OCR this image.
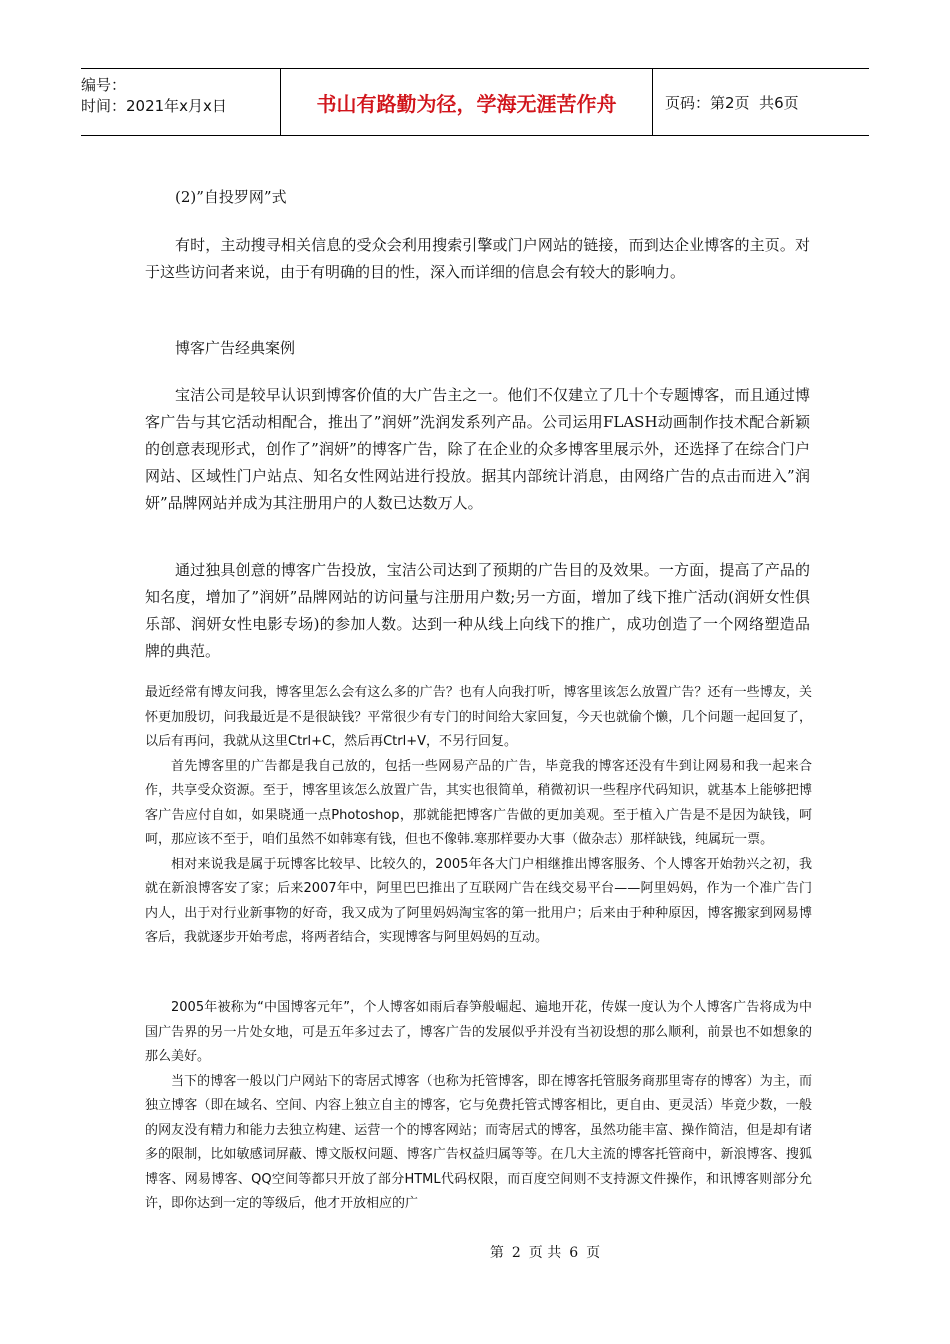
编号：
时间：2021年x月x日	书山有路勤为径，学海无涯苦作舟	页码：第2页  共6页

(2)”自投罗网”式

有时，主动搜寻相关信息的受众会利用搜索引擎或门户网站的链接，而到达企业博客的主页。对于这些访问者来说，由于有明确的目的性，深入而详细的信息会有较大的影响力。

博客广告经典案例

宝洁公司是较早认识到博客价值的大广告主之一。他们不仅建立了几十个专题博客，而且通过博客广告与其它活动相配合，推出了”润妍”洗润发系列产品。公司运用FLASH动画制作技术配合新颖的创意表现形式，创作了”润妍”的博客广告，除了在企业的众多博客里展示外，还选择了在综合门户网站、区域性门户站点、知名女性网站进行投放。据其内部统计消息，由网络广告的点击而进入”润妍”品牌网站并成为其注册用户的人数已达数万人。

通过独具创意的博客广告投放，宝洁公司达到了预期的广告目的及效果。一方面，提高了产品的知名度，增加了”润妍”品牌网站的访问量与注册用户数;另一方面，增加了线下推广活动(润妍女性俱乐部、润妍女性电影专场)的参加人数。达到一种从线上向线下的推广，成功创造了一个网络塑造品牌的典范。

最近经常有博友问我，博客里怎么会有这么多的广告？也有人向我打听，博客里该怎么放置广告？还有一些博友，关怀更加殷切，问我最近是不是很缺钱？平常很少有专门的时间给大家回复，今天也就偷个懒，几个问题一起回复了，以后有再问，我就从这里Ctrl+C，然后再Ctrl+V，不另行回复。

首先博客里的广告都是我自己放的，包括一些网易产品的广告，毕竟我的博客还没有牛到让网易和我一起来合作，共享受众资源。至于，博客里该怎么放置广告，其实也很简单，稍微初识一些程序代码知识，就基本上能够把博客广告应付自如，如果晓通一点Photoshop，那就能把博客广告做的更加美观。至于植入广告是不是因为缺钱，呵呵，那应该不至于，咱们虽然不如韩寒有钱，但也不像韩.寒那样要办大事（做杂志）那样缺钱，纯属玩一票。

相对来说我是属于玩博客比较早、比较久的，2005年各大门户相继推出博客服务、个人博客开始勃兴之初，我就在新浪博客安了家；后来2007年中，阿里巴巴推出了互联网广告在线交易平台——阿里妈妈，作为一个准广告门内人，出于对行业新事物的好奇，我又成为了阿里妈妈淘宝客的第一批用户；后来由于种种原因，博客搬家到网易博客后，我就逐步开始考虑，将两者结合，实现博客与阿里妈妈的互动。

2005年被称为“中国博客元年”，个人博客如雨后春笋般崛起、遍地开花，传媒一度认为个人博客广告将成为中国广告界的另一片处女地，可是五年多过去了，博客广告的发展似乎并没有当初设想的那么顺利，前景也不如想象的那么美好。

当下的博客一般以门户网站下的寄居式博客（也称为托管博客，即在博客托管服务商那里寄存的博客）为主，而独立博客（即在域名、空间、内容上独立自主的博客，它与免费托管式博客相比，更自由、更灵活）毕竟少数，一般的网友没有精力和能力去独立构建、运营一个的博客网站；而寄居式的博客，虽然功能丰富、操作简洁，但是却有诸多的限制，比如敏感词屏蔽、博文版权问题、博客广告权益归属等等。在几大主流的博客托管商中，新浪博客、搜狐博客、网易博客、QQ空间等都只开放了部分HTML代码权限，而百度空间则不支持源文件操作，和讯博客则部分允许，即你达到一定的等级后，他才开放相应的广

第 2 页 共 6 页
